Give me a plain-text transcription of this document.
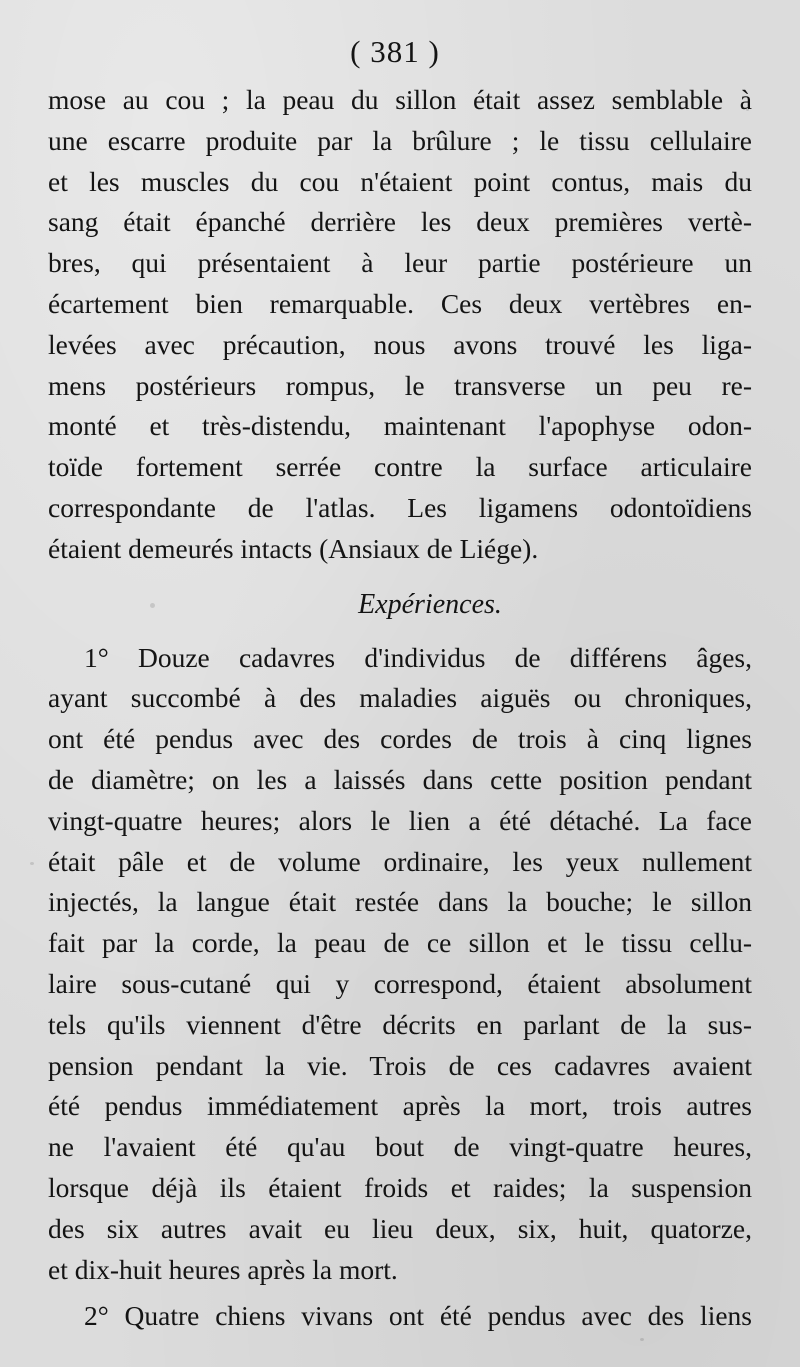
( 381 )
mose au cou ; la peau du sillon était assez semblable à
une escarre produite par la brûlure ; le tissu cellulaire
et les muscles du cou n'étaient point contus, mais du
sang était épanché derrière les deux premières vertè-
bres, qui présentaient à leur partie postérieure un
écartement bien remarquable. Ces deux vertèbres en-
levées avec précaution, nous avons trouvé les liga-
mens postérieurs rompus, le transverse un peu re-
monté et très-distendu, maintenant l'apophyse odon-
toïde fortement serrée contre la surface articulaire
correspondante de l'atlas. Les ligamens odontoïdiens
étaient demeurés intacts (Ansiaux de Liége).
Expériences.
1° Douze cadavres d'individus de différens âges,
ayant succombé à des maladies aiguës ou chroniques,
ont été pendus avec des cordes de trois à cinq lignes
de diamètre; on les a laissés dans cette position pendant
vingt-quatre heures; alors le lien a été détaché. La face
était pâle et de volume ordinaire, les yeux nullement
injectés, la langue était restée dans la bouche; le sillon
fait par la corde, la peau de ce sillon et le tissu cellu-
laire sous-cutané qui y correspond, étaient absolument
tels qu'ils viennent d'être décrits en parlant de la sus-
pension pendant la vie. Trois de ces cadavres avaient
été pendus immédiatement après la mort, trois autres
ne l'avaient été qu'au bout de vingt-quatre heures,
lorsque déjà ils étaient froids et raides; la suspension
des six autres avait eu lieu deux, six, huit, quatorze,
et dix-huit heures après la mort.
2° Quatre chiens vivans ont été pendus avec des liens
